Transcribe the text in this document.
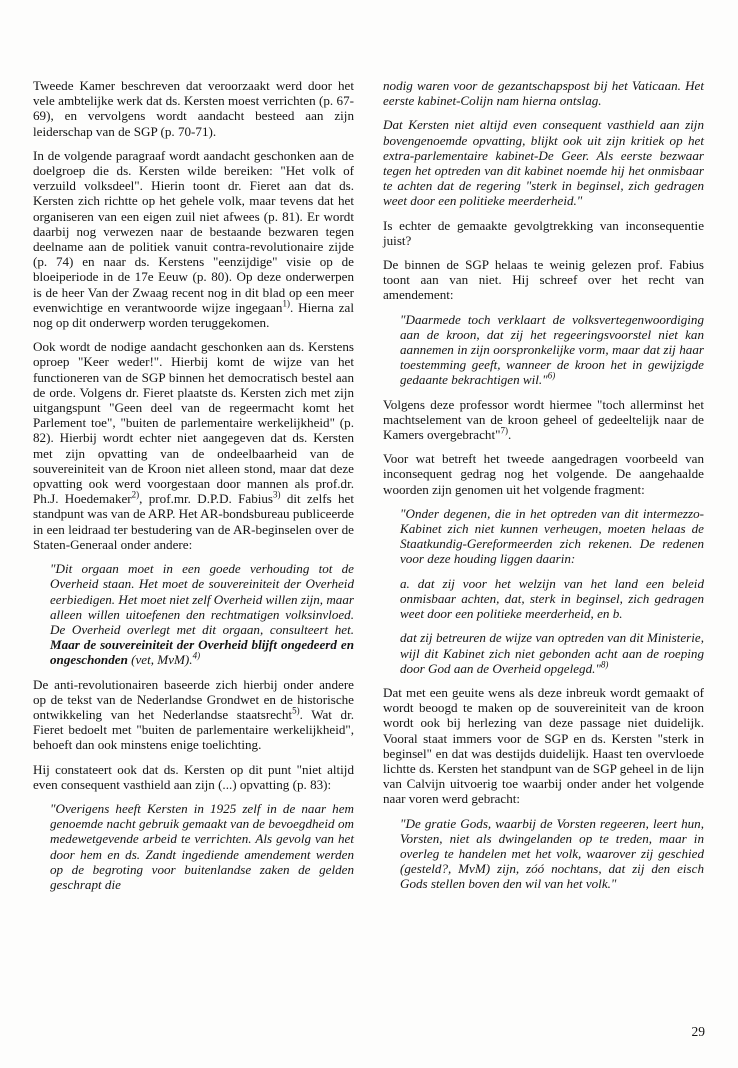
Tweede Kamer beschreven dat veroorzaakt werd door het vele ambtelijke werk dat ds. Kersten moest verrichten (p. 67-69), en vervolgens wordt aandacht besteed aan zijn leiderschap van de SGP (p. 70-71).

In de volgende paragraaf wordt aandacht geschonken aan de doelgroep die ds. Kersten wilde bereiken: "Het volk of verzuild volksdeel". Hierin toont dr. Fieret aan dat ds. Kersten zich richtte op het gehele volk, maar tevens dat het organiseren van een eigen zuil niet afwees (p. 81). Er wordt daarbij nog verwezen naar de bestaande bezwaren tegen deelname aan de politiek vanuit contra-revolutionaire zijde (p. 74) en naar ds. Kerstens "eenzijdige" visie op de bloeiperiode in de 17e Eeuw (p. 80). Op deze onderwerpen is de heer Van der Zwaag recent nog in dit blad op een meer evenwichtige en verantwoorde wijze ingegaan$^{1)}$. Hierna zal nog op dit onderwerp worden teruggekomen.

Ook wordt de nodige aandacht geschonken aan ds. Kerstens oproep "Keer weder!". Hierbij komt de wijze van het functioneren van de SGP binnen het democratisch bestel aan de orde. Volgens dr. Fieret plaatste ds. Kersten zich met zijn uitgangspunt "Geen deel van de regeermacht komt het Parlement toe", "buiten de parlementaire werkelijkheid" (p. 82). Hierbij wordt echter niet aangegeven dat ds. Kersten met zijn opvatting van de ondeelbaarheid van de souvereiniteit van de Kroon niet alleen stond, maar dat deze opvatting ook werd voorgestaan door mannen als prof.dr. Ph.J. Hoedemaker$^{2)}$, prof.mr. D.P.D. Fabius$^{3)}$ dit zelfs het standpunt was van de ARP. Het AR-bondsbureau publiceerde in een leidraad ter bestudering van de AR-beginselen over de Staten-Generaal onder andere:

"Dit orgaan moet in een goede verhouding tot de Overheid staan. Het moet de souvereiniteit der Overheid eerbiedigen. Het moet niet zelf Overheid willen zijn, maar alleen willen uitoefenen den rechtmatigen volksinvloed. De Overheid overlegt met dit orgaan, consulteert het. Maar de souvereiniteit der Overheid blijft ongedeerd en ongeschonden (vet, MvM).$^{4)}$

De anti-revolutionairen baseerde zich hierbij onder andere op de tekst van de Nederlandse Grondwet en de historische ontwikkeling van het Nederlandse staatsrecht$^{5)}$. Wat dr. Fieret bedoelt met "buiten de parlementaire werkelijkheid", behoeft dan ook minstens enige toelichting.

Hij constateert ook dat ds. Kersten op dit punt "niet altijd even consequent vasthield aan zijn (...) opvatting (p. 83):

"Overigens heeft Kersten in 1925 zelf in de naar hem genoemde nacht gebruik gemaakt van de bevoegdheid om medewetgevende arbeid te verrichten. Als gevolg van het door hem en ds. Zandt ingediende amendement werden op de begroting voor buitenlandse zaken de gelden geschrapt die
nodig waren voor de gezantschapspost bij het Vaticaan. Het eerste kabinet-Colijn nam hierna ontslag.
Dat Kersten niet altijd even consequent vasthield aan zijn bovengenoemde opvatting, blijkt ook uit zijn kritiek op het extra-parlementaire kabinet-De Geer. Als eerste bezwaar tegen het optreden van dit kabinet noemde hij het onmisbaar te achten dat de regering "sterk in beginsel, zich gedragen weet door een politieke meerderheid."

Is echter de gemaakte gevolgtrekking van inconsequentie juist?

De binnen de SGP helaas te weinig gelezen prof. Fabius toont aan van niet. Hij schreef over het recht van amendement:

"Daarmede toch verklaart de volksvertegenwoordiging aan de kroon, dat zij het regeeringsvoorstel niet kan aannemen in zijn oorspronkelijke vorm, maar dat zij haar toestemming geeft, wanneer de kroon het in gewijzigde gedaante bekrachtigen wil."$^{6)}$

Volgens deze professor wordt hiermee "toch allerminst het machtselement van de kroon geheel of gedeeltelijk naar de Kamers overgebracht"$^{7)}$.

Voor wat betreft het tweede aangedragen voorbeeld van inconsequent gedrag nog het volgende. De aangehaalde woorden zijn genomen uit het volgende fragment:

"Onder degenen, die in het optreden van dit intermezzo-Kabinet zich niet kunnen verheugen, moeten helaas de Staatkundig-Gereformeerden zich rekenen. De redenen voor deze houding liggen daarin:
a. dat zij voor het welzijn van het land een beleid onmisbaar achten, dat, sterk in beginsel, zich gedragen weet door een politieke meerderheid, en b.
dat zij betreuren de wijze van optreden van dit Ministerie, wijl dit Kabinet zich niet gebonden acht aan de roeping door God aan de Overheid opgelegd."$^{8)}$

Dat met een geuite wens als deze inbreuk wordt gemaakt of wordt beoogd te maken op de souvereiniteit van de kroon wordt ook bij herlezing van deze passage niet duidelijk. Vooral staat immers voor de SGP en ds. Kersten "sterk in beginsel" en dat was destijds duidelijk. Haast ten overvloede lichtte ds. Kersten het standpunt van de SGP geheel in de lijn van Calvijn uitvoerig toe waarbij onder ander het volgende naar voren werd gebracht:

"De gratie Gods, waarbij de Vorsten regeeren, leert hun, Vorsten, niet als dwingelanden op te treden, maar in overleg te handelen met het volk, waarover zij geschied (gesteld?, MvM) zijn, zóó nochtans, dat zij den eisch Gods stellen boven den wil van het volk."
29
